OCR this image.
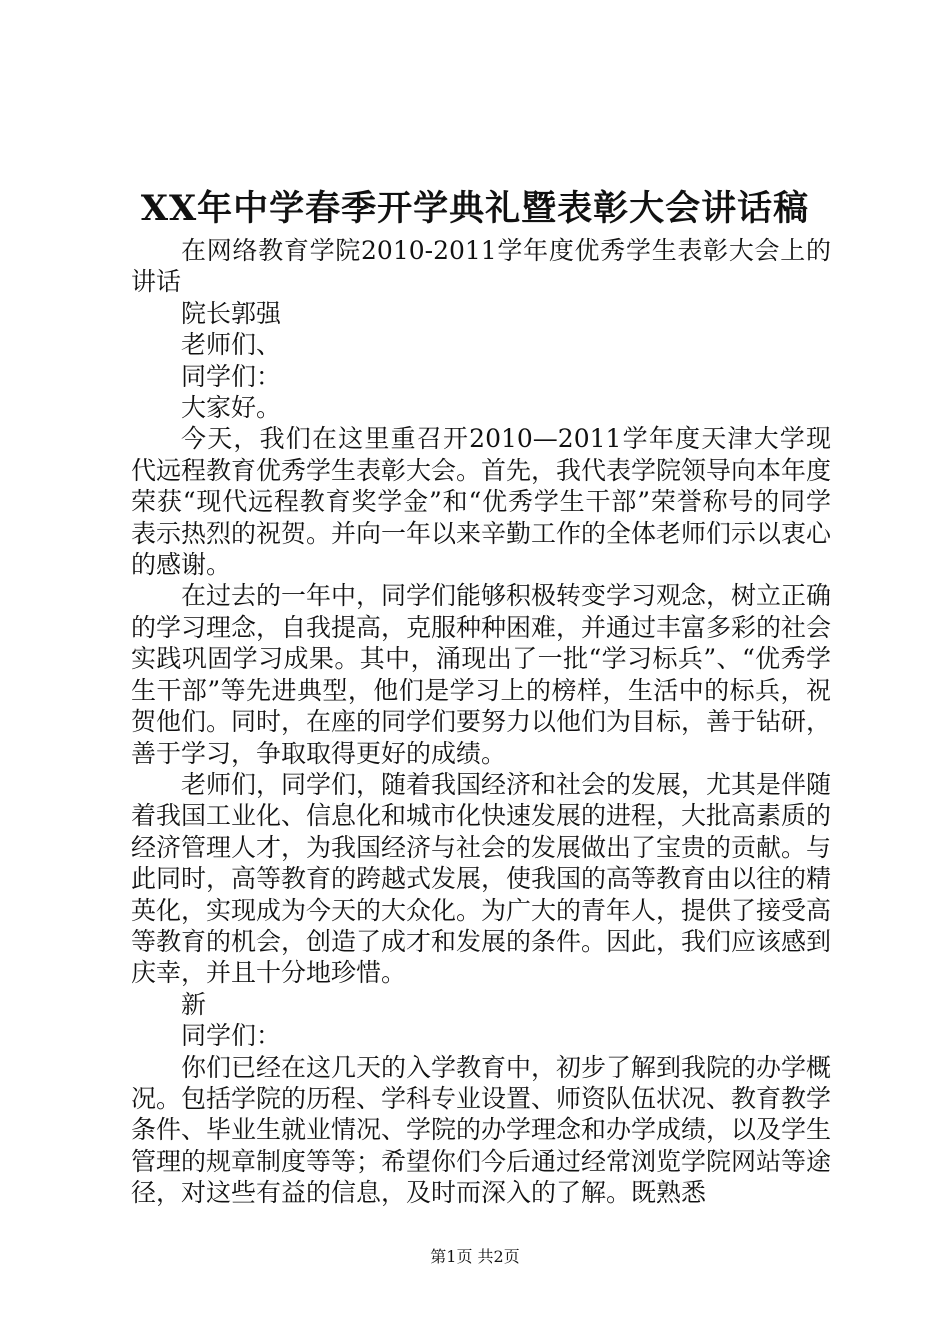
XX年中学春季开学典礼暨表彰大会讲话稿

在网络教育学院2010-2011学年度优秀学生表彰大会上的讲话

院长郭强

老师们、

同学们：

大家好。

今天，我们在这里重召开2010—2011学年度天津大学现代远程教育优秀学生表彰大会。首先，我代表学院领导向本年度荣获“现代远程教育奖学金”和“优秀学生干部”荣誉称号的同学表示热烈的祝贺。并向一年以来辛勤工作的全体老师们示以衷心的感谢。

在过去的一年中，同学们能够积极转变学习观念，树立正确的学习理念，自我提高，克服种种困难，并通过丰富多彩的社会实践巩固学习成果。其中，涌现出了一批“学习标兵”、“优秀学生干部”等先进典型，他们是学习上的榜样，生活中的标兵，祝贺他们。同时，在座的同学们要努力以他们为目标，善于钻研，善于学习，争取取得更好的成绩。

老师们，同学们，随着我国经济和社会的发展，尤其是伴随着我国工业化、信息化和城市化快速发展的进程，大批高素质的经济管理人才，为我国经济与社会的发展做出了宝贵的贡献。与此同时，高等教育的跨越式发展，使我国的高等教育由以往的精英化，实现成为今天的大众化。为广大的青年人，提供了接受高等教育的机会，创造了成才和发展的条件。因此，我们应该感到庆幸，并且十分地珍惜。

新

同学们：

你们已经在这几天的入学教育中，初步了解到我院的办学概况。包括学院的历程、学科专业设置、师资队伍状况、教育教学条件、毕业生就业情况、学院的办学理念和办学成绩，以及学生管理的规章制度等等；希望你们今后通过经常浏览学院网站等途径，对这些有益的信息，及时而深入的了解。既熟悉

第1页 共2页
